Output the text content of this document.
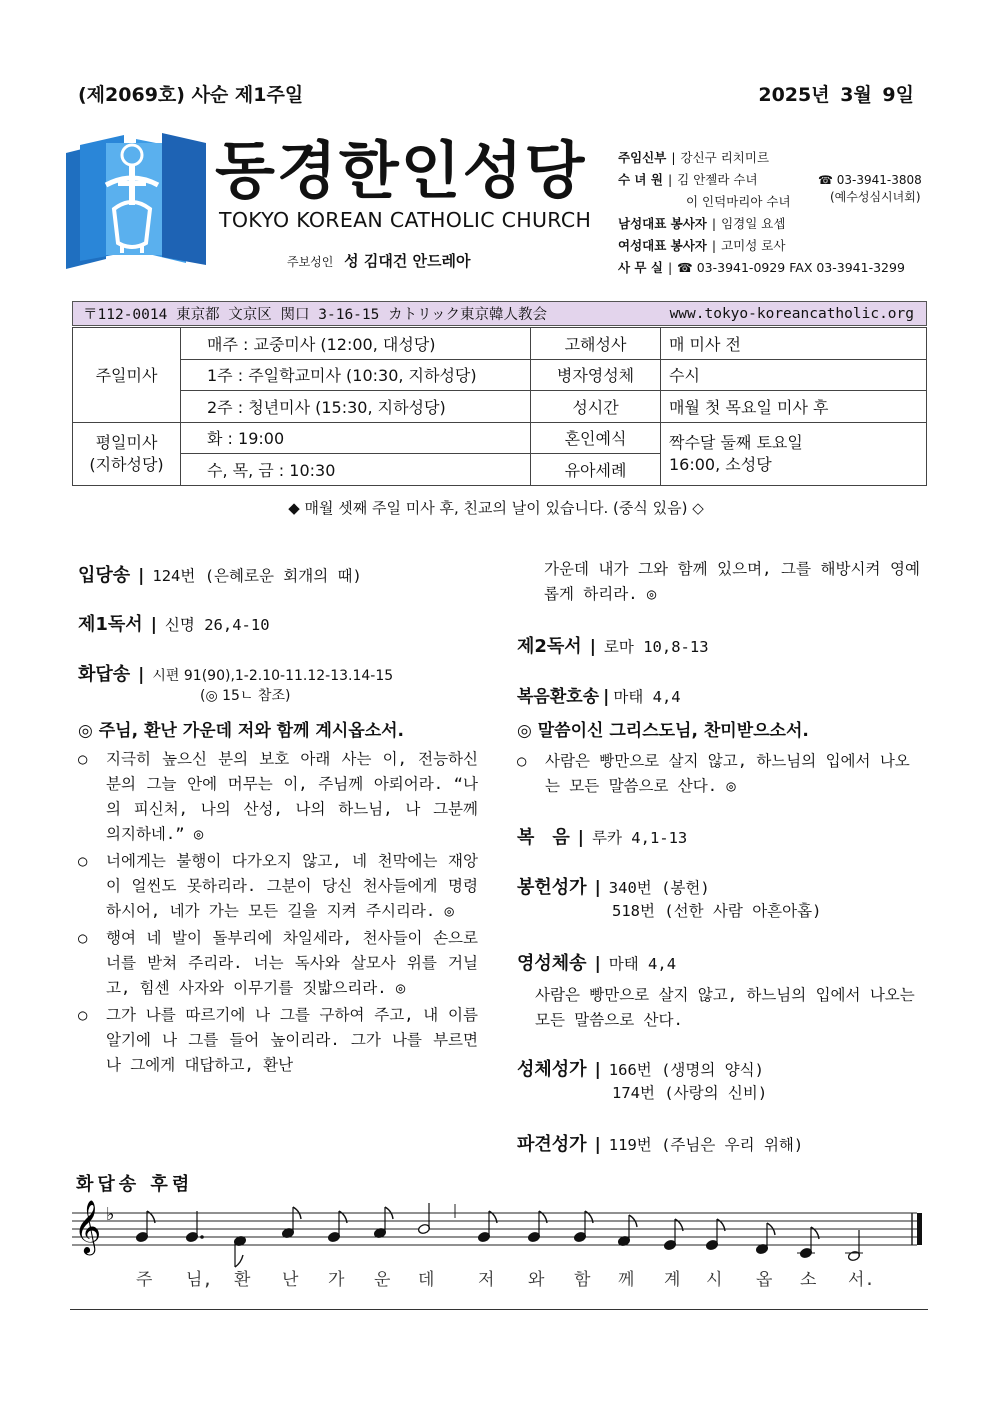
(제2069호) 사순 제1주일	2025년 3월 9일
동경한인성당
TOKYO KOREAN CATHOLIC CHURCH
주보성인 성 김대건 안드레아
주임신부 | 강신구 리치미르
수 녀 원 | 김 안젤라 수녀
이 인덕마리아 수녀
남성대표 봉사자 | 임경일 요셉
여성대표 봉사자 | 고미성 로사
사 무 실 | ☎ 03-3941-0929 FAX 03-3941-3299
☎ 03-3941-3808
(예수성심시녀회)
〒112-0014 東京都 文京区 関口 3-16-15 カトリック東京韓人教会	www.tokyo-koreancatholic.org
주일미사	매주 : 교중미사 (12:00, 대성당)	고해성사	매 미사 전
	1주 : 주일학교미사 (10:30, 지하성당)	병자영성체	수시
	2주 : 청년미사 (15:30, 지하성당)	성시간	매월 첫 목요일 미사 후
평일미사
(지하성당)	화 : 19:00	혼인예식	짝수달 둘째 토요일
16:00, 소성당
	수, 목, 금 : 10:30	유아세례	
◆ 매월 셋째 주일 미사 후, 친교의 날이 있습니다. (중식 있음) ◇
입당송 | 124번 (은혜로운 회개의 때)
제1독서 | 신명 26,4-10
화답송 | 시편 91(90),1-2.10-11.12-13.14-15
(◎ 15ㄴ 참조)
◎ 주님, 환난 가운데 저와 함께 계시옵소서.
○	지극히 높으신 분의 보호 아래 사는 이, 전능하신 분의 그늘 안에 머무는 이, 주님께 아뢰어라. “나의 피신처, 나의 산성, 나의 하느님, 나 그분께 의지하네.” ◎
○	너에게는 불행이 다가오지 않고, 네 천막에는 재앙이 얼씬도 못하리라. 그분이 당신 천사들에게 명령하시어, 네가 가는 모든 길을 지켜 주시리라. ◎
○	행여 네 발이 돌부리에 차일세라, 천사들이 손으로 너를 받쳐 주리라. 너는 독사와 살모사 위를 거닐고, 힘센 사자와 이무기를 짓밟으리라. ◎
○	그가 나를 따르기에 나 그를 구하여 주고, 내 이름 알기에 나 그를 들어 높이리라. 그가 나를 부르면 나 그에게 대답하고, 환난
가운데 내가 그와 함께 있으며, 그를 해방시켜 영예롭게 하리라. ◎
제2독서 | 로마 10,8-13
복음환호송 | 마태 4,4
◎ 말씀이신 그리스도님, 찬미받으소서.
○	사람은 빵만으로 살지 않고, 하느님의 입에서 나오는 모든 말씀으로 산다. ◎
복　음 | 루카 4,1-13
봉헌성가 | 340번 (봉헌)
518번 (선한 사람 아흔아홉)
영성체송 | 마태 4,4
사람은 빵만으로 살지 않고, 하느님의 입에서 나오는 모든 말씀으로 산다.
성체성가 | 166번 (생명의 양식)
174번 (사랑의 신비)
파견성가 | 119번 (주님은 우리 위해)
화답송 후렴
𝄞 ♭
주 님, 환 난 가 운 데	저 와 함 께 계 시 옵 소 서.
